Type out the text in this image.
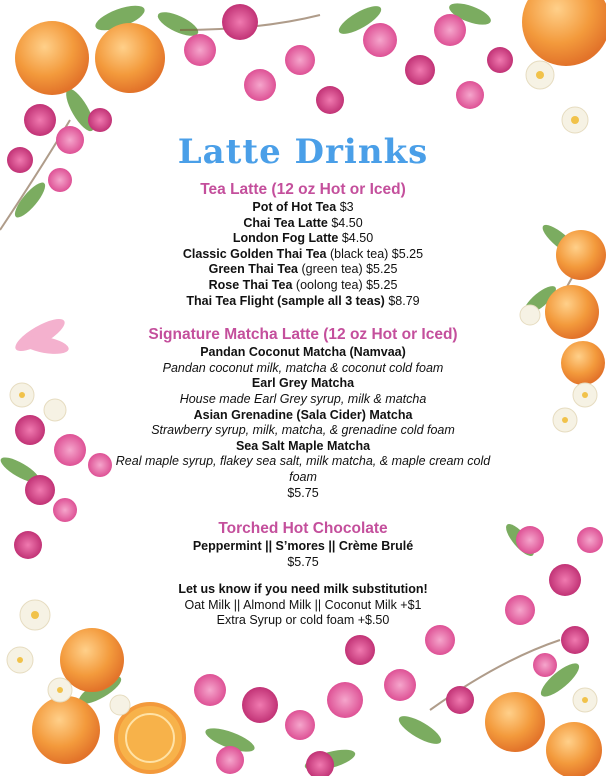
Latte Drinks
Tea Latte (12 oz Hot or Iced)
Pot of Hot Tea $3
Chai Tea Latte $4.50
London Fog Latte $4.50
Classic Golden Thai Tea (black tea) $5.25
Green Thai Tea (green tea) $5.25
Rose Thai Tea (oolong tea) $5.25
Thai Tea Flight (sample all 3 teas) $8.79
Signature Matcha Latte (12 oz Hot or Iced)
Pandan Coconut Matcha (Namvaa)
Pandan coconut milk, matcha & coconut cold foam
Earl Grey Matcha
House made Earl Grey syrup, milk & matcha
Asian Grenadine (Sala Cider) Matcha
Strawberry syrup, milk, matcha, & grenadine cold foam
Sea Salt Maple Matcha
Real maple syrup, flakey sea salt, milk matcha, & maple cream cold foam
$5.75
Torched Hot Chocolate
Peppermint || S’mores || Crème Brulé
$5.75
Let us know if you need milk substitution!
Oat Milk || Almond Milk || Coconut Milk +$1
Extra Syrup or cold foam +$.50
